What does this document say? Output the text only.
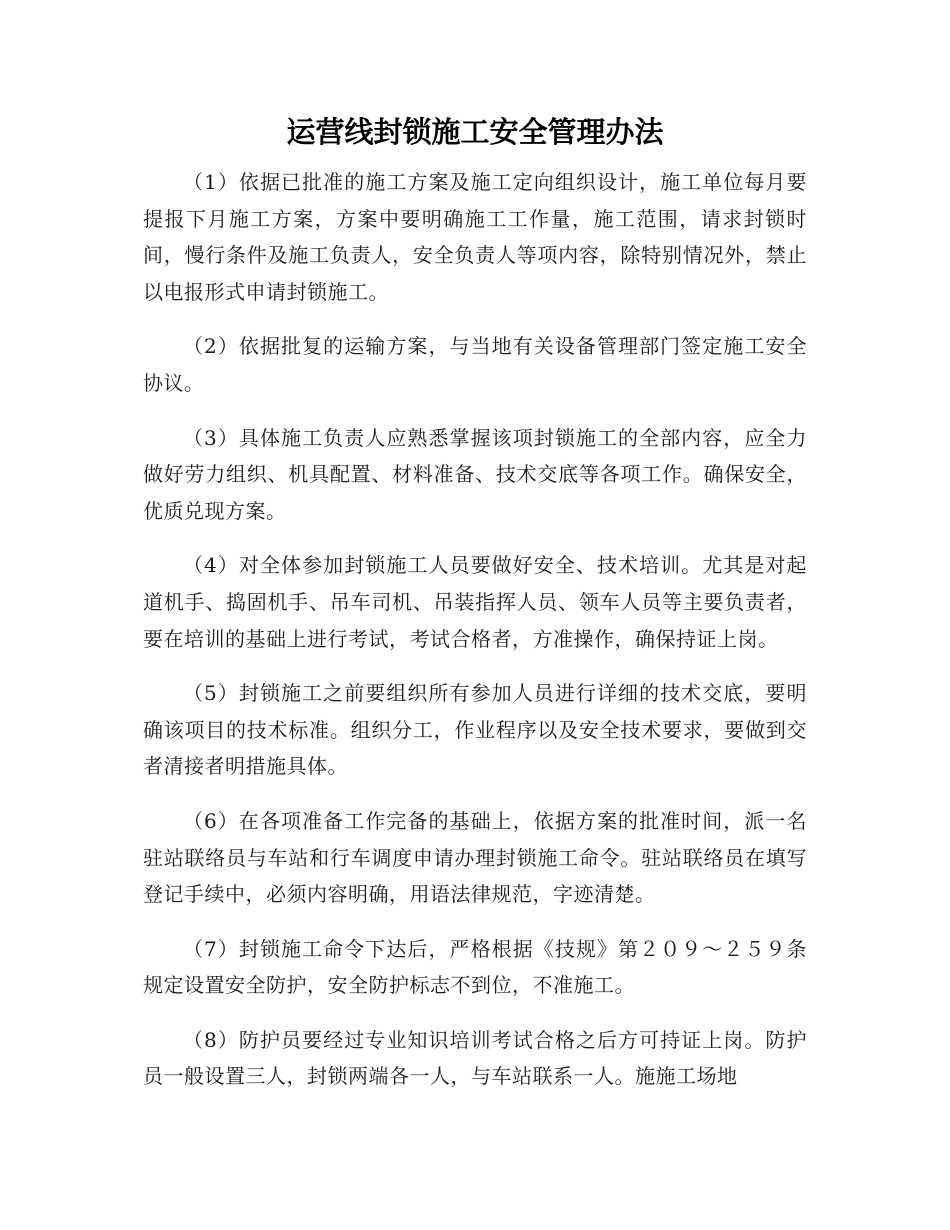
运营线封锁施工安全管理办法

（1）依据已批准的施工方案及施工定向组织设计，施工单位每月要提报下月施工方案，方案中要明确施工工作量，施工范围，请求封锁时间，慢行条件及施工负责人，安全负责人等项内容，除特别情况外，禁止以电报形式申请封锁施工。

（2）依据批复的运输方案，与当地有关设备管理部门签定施工安全协议。

（3）具体施工负责人应熟悉掌握该项封锁施工的全部内容，应全力做好劳力组织、机具配置、材料准备、技术交底等各项工作。确保安全，优质兑现方案。

（4）对全体参加封锁施工人员要做好安全、技术培训。尤其是对起道机手、捣固机手、吊车司机、吊装指挥人员、领车人员等主要负责者，要在培训的基础上进行考试，考试合格者，方准操作，确保持证上岗。

（5）封锁施工之前要组织所有参加人员进行详细的技术交底，要明确该项目的技术标准。组织分工，作业程序以及安全技术要求，要做到交者清接者明措施具体。

（6）在各项准备工作完备的基础上，依据方案的批准时间，派一名驻站联络员与车站和行车调度申请办理封锁施工命令。驻站联络员在填写登记手续中，必须内容明确，用语法律规范，字迹清楚。

（7）封锁施工命令下达后，严格根据《技规》第２０９～２５９条规定设置安全防护，安全防护标志不到位，不准施工。

（8）防护员要经过专业知识培训考试合格之后方可持证上岗。防护员一般设置三人，封锁两端各一人，与车站联系一人。施施工场地
